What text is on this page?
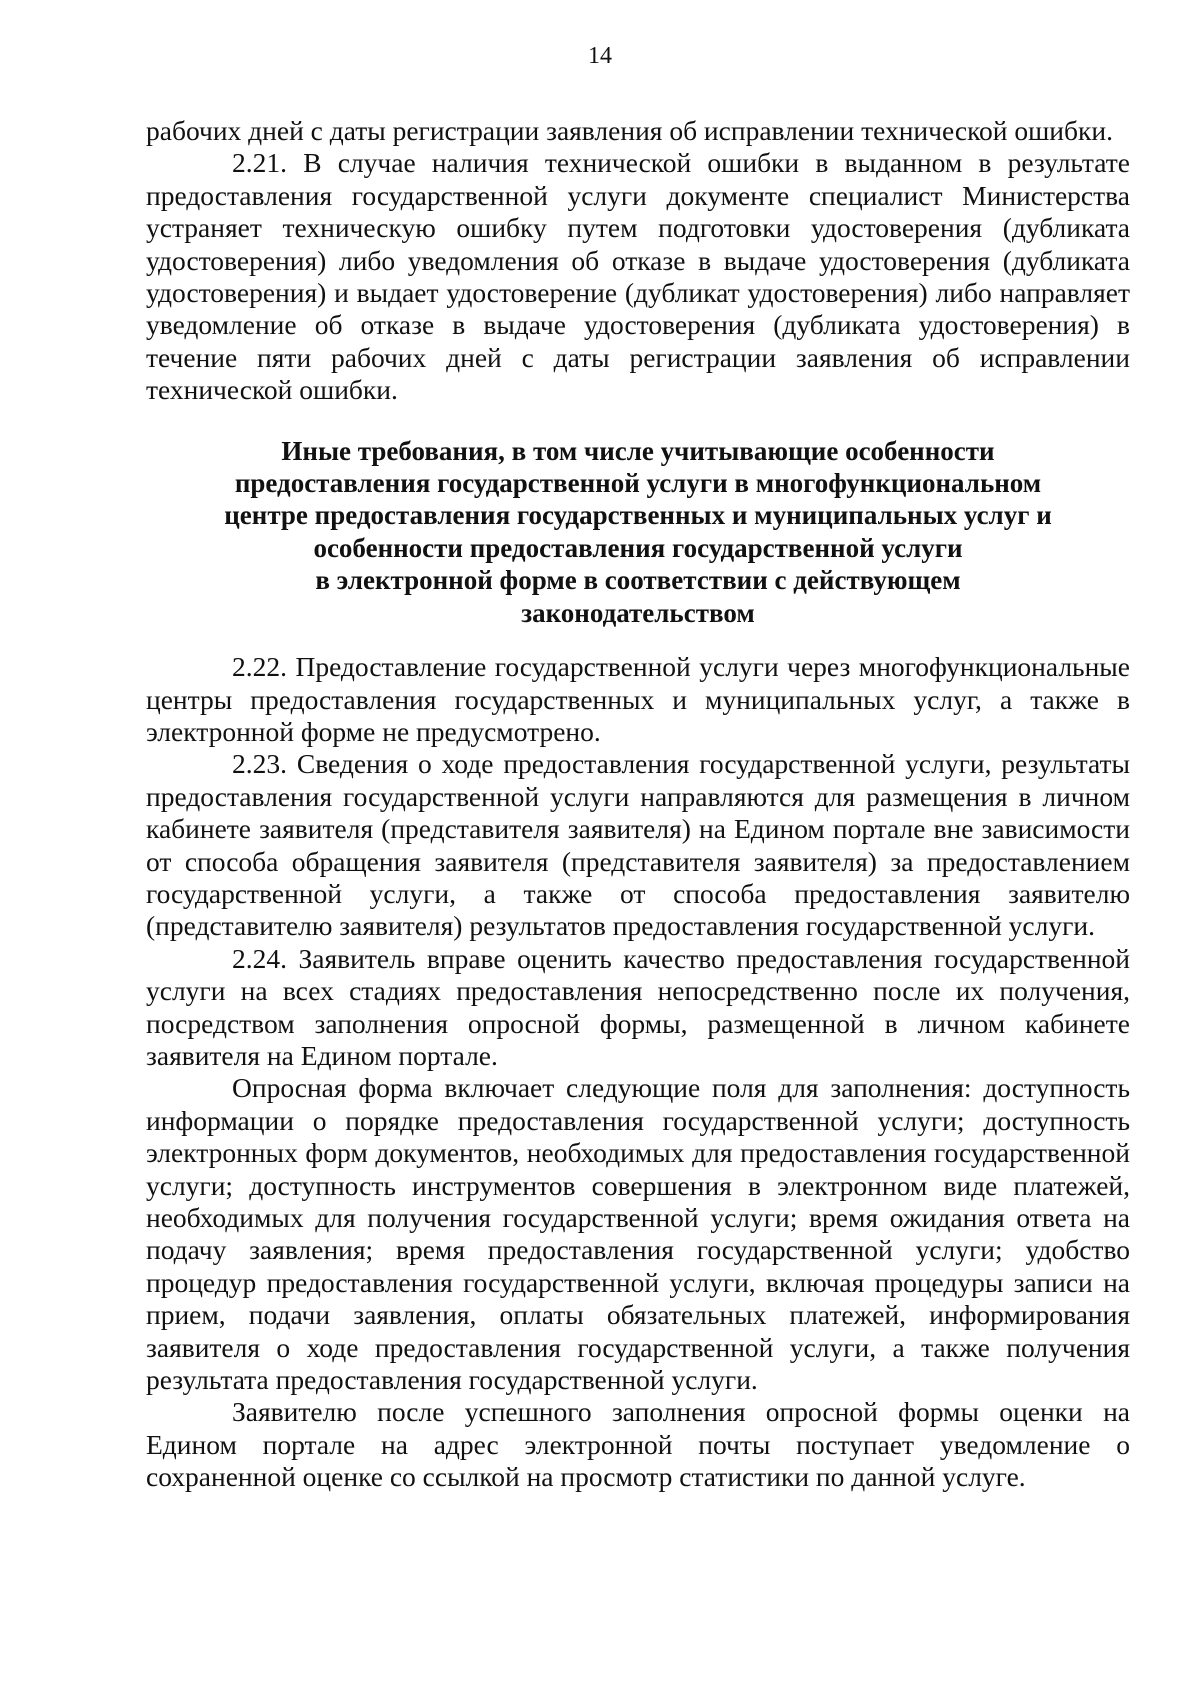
14

рабочих дней с даты регистрации заявления об исправлении технической ошибки.

2.21. В случае наличия технической ошибки в выданном в результате предоставления государственной услуги документе специалист Министерства устраняет техническую ошибку путем подготовки удостоверения (дубликата удостоверения) либо уведомления об отказе в выдаче удостоверения (дубликата удостоверения) и выдает удостоверение (дубликат удостоверения) либо направляет уведомление об отказе в выдаче удостоверения (дубликата удостоверения) в течение пяти рабочих дней с даты регистрации заявления об исправлении технической ошибки.

Иные требования, в том числе учитывающие особенности
предоставления государственной услуги в многофункциональном
центре предоставления государственных и муниципальных услуг и
особенности предоставления государственной услуги
в электронной форме в соответствии с действующем
законодательством

2.22. Предоставление государственной услуги через многофункциональные центры предоставления государственных и муниципальных услуг, а также в электронной форме не предусмотрено.

2.23. Сведения о ходе предоставления государственной услуги, результаты предоставления государственной услуги направляются для размещения в личном кабинете заявителя (представителя заявителя) на Едином портале вне зависимости от способа обращения заявителя (представителя заявителя) за предоставлением государственной услуги, а также от способа предоставления заявителю (представителю заявителя) результатов предоставления государственной услуги.

2.24. Заявитель вправе оценить качество предоставления государственной услуги на всех стадиях предоставления непосредственно после их получения, посредством заполнения опросной формы, размещенной в личном кабинете заявителя на Едином портале.

Опросная форма включает следующие поля для заполнения: доступность информации о порядке предоставления государственной услуги; доступность электронных форм документов, необходимых для предоставления государственной услуги; доступность инструментов совершения в электронном виде платежей, необходимых для получения государственной услуги; время ожидания ответа на подачу заявления; время предоставления государственной услуги; удобство процедур предоставления государственной услуги, включая процедуры записи на прием, подачи заявления, оплаты обязательных платежей, информирования заявителя о ходе предоставления государственной услуги, а также получения результата предоставления государственной услуги.

Заявителю после успешного заполнения опросной формы оценки на Едином портале на адрес электронной почты поступает уведомление о сохраненной оценке со ссылкой на просмотр статистики по данной услуге.
